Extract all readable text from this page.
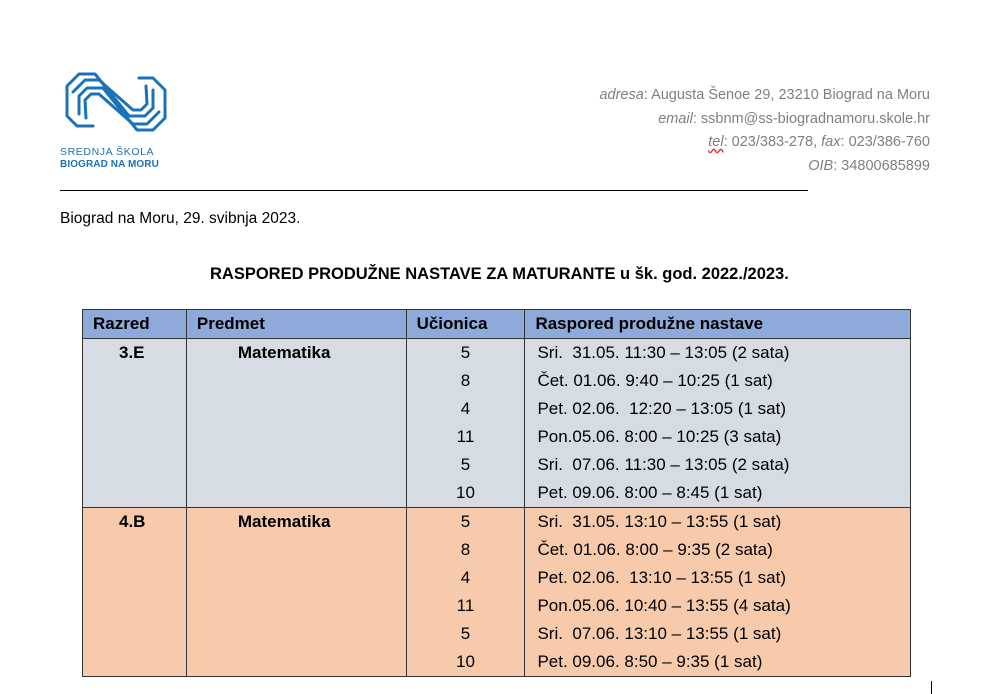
SREDNJA ŠKOLA
BIOGRAD NA MORU
adresa: Augusta Šenoe 29, 23210 Biograd na Moru
email: ssbnm@ss-biogradnamoru.skole.hr
tel: 023/383-278, fax: 023/386-760
OIB: 34800685899
Biograd na Moru, 29. svibnja 2023.
RASPORED PRODUŽNE NASTAVE ZA MATURANTE u šk. god. 2022./2023.
Razred	Predmet	Učionica	Raspored produžne nastave
3.E	Matematika	5	Sri.  31.05. 11:30 – 13:05 (2 sata)
		8	Čet. 01.06. 9:40 – 10:25 (1 sat)
		4	Pet. 02.06.  12:20 – 13:05 (1 sat)
		11	Pon.05.06. 8:00 – 10:25 (3 sata)
		5	Sri.  07.06. 11:30 – 13:05 (2 sata)
		10	Pet. 09.06. 8:00 – 8:45 (1 sat)
4.B	Matematika	5	Sri.  31.05. 13:10 – 13:55 (1 sat)
		8	Čet. 01.06. 8:00 – 9:35 (2 sata)
		4	Pet. 02.06.  13:10 – 13:55 (1 sat)
		11	Pon.05.06. 10:40 – 13:55 (4 sata)
		5	Sri.  07.06. 13:10 – 13:55 (1 sat)
		10	Pet. 09.06. 8:50 – 9:35 (1 sat)
